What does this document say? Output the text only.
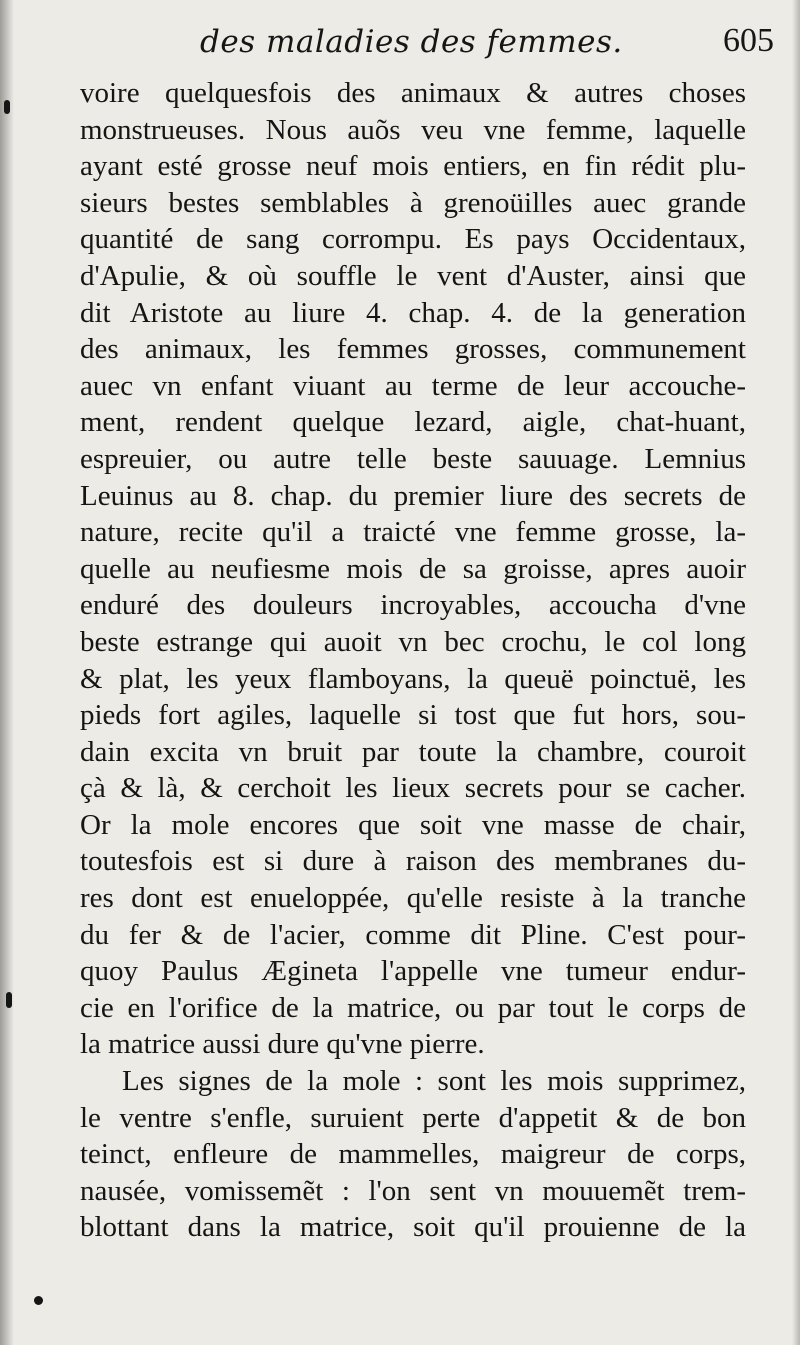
des maladies des femmes.	605
voire quelquesfois des animaux & autres choses
monstrueuses. Nous auõs veu vne femme, laquelle
ayant esté grosse neuf mois entiers, en fin rédit plu-
sieurs bestes semblables à grenoüilles auec grande
quantité de sang corrompu. Es pays Occidentaux,
d'Apulie, & où souffle le vent d'Auster, ainsi que
dit Aristote au liure 4. chap. 4. de la generation
des animaux, les femmes grosses, communement
auec vn enfant viuant au terme de leur accouche-
ment, rendent quelque lezard, aigle, chat-huant,
espreuier, ou autre telle beste sauuage. Lemnius
Leuinus au 8. chap. du premier liure des secrets de
nature, recite qu'il a traicté vne femme grosse, la-
quelle au neufiesme mois de sa groisse, apres auoir
enduré des douleurs incroyables, accoucha d'vne
beste estrange qui auoit vn bec crochu, le col long
& plat, les yeux flamboyans, la queuë poinctuë, les
pieds fort agiles, laquelle si tost que fut hors, sou-
dain excita vn bruit par toute la chambre, couroit
çà & là, & cerchoit les lieux secrets pour se cacher.
Or la mole encores que soit vne masse de chair,
toutesfois est si dure à raison des membranes du-
res dont est enueloppée, qu'elle resiste à la tranche
du fer & de l'acier, comme dit Pline. C'est pour-
quoy Paulus Ægineta l'appelle vne tumeur endur-
cie en l'orifice de la matrice, ou par tout le corps de
la matrice aussi dure qu'vne pierre.
Les signes de la mole : sont les mois supprimez,
le ventre s'enfle, suruient perte d'appetit & de bon
teinct, enfleure de mammelles, maigreur de corps,
nausée, vomissemẽt : l'on sent vn mouuemẽt trem-
blottant dans la matrice, soit qu'il prouienne de la
